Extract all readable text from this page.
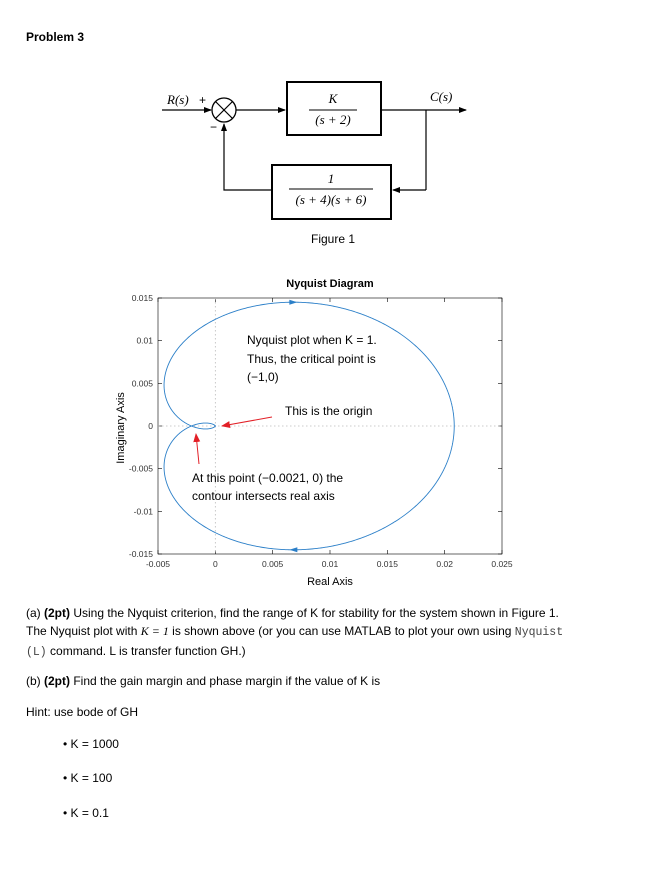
Problem 3
R(s) +
−
C(s)
K
(s + 2)
1
(s + 4)(s + 6)
Figure 1
Nyquist Diagram
-0.005	0	0.005	0.01	0.015	0.02	0.025
0.015
0.01
0.005
0
-0.005
-0.01
-0.015
Real Axis
Imaginary Axis
Nyquist plot when K = 1.
Thus, the critical point is
(−1,0)
This is the origin
At this point (−0.0021, 0) the
contour intersects real axis
(a) (2pt) Using the Nyquist criterion, find the range of K for stability for the system shown in Figure 1.
The Nyquist plot with K = 1 is shown above (or you can use MATLAB to plot your own using Nyquist
(L) command. L is transfer function GH.)
(b) (2pt) Find the gain margin and phase margin if the value of K is
Hint: use bode of GH
• K = 1000
• K = 100
• K = 0.1
